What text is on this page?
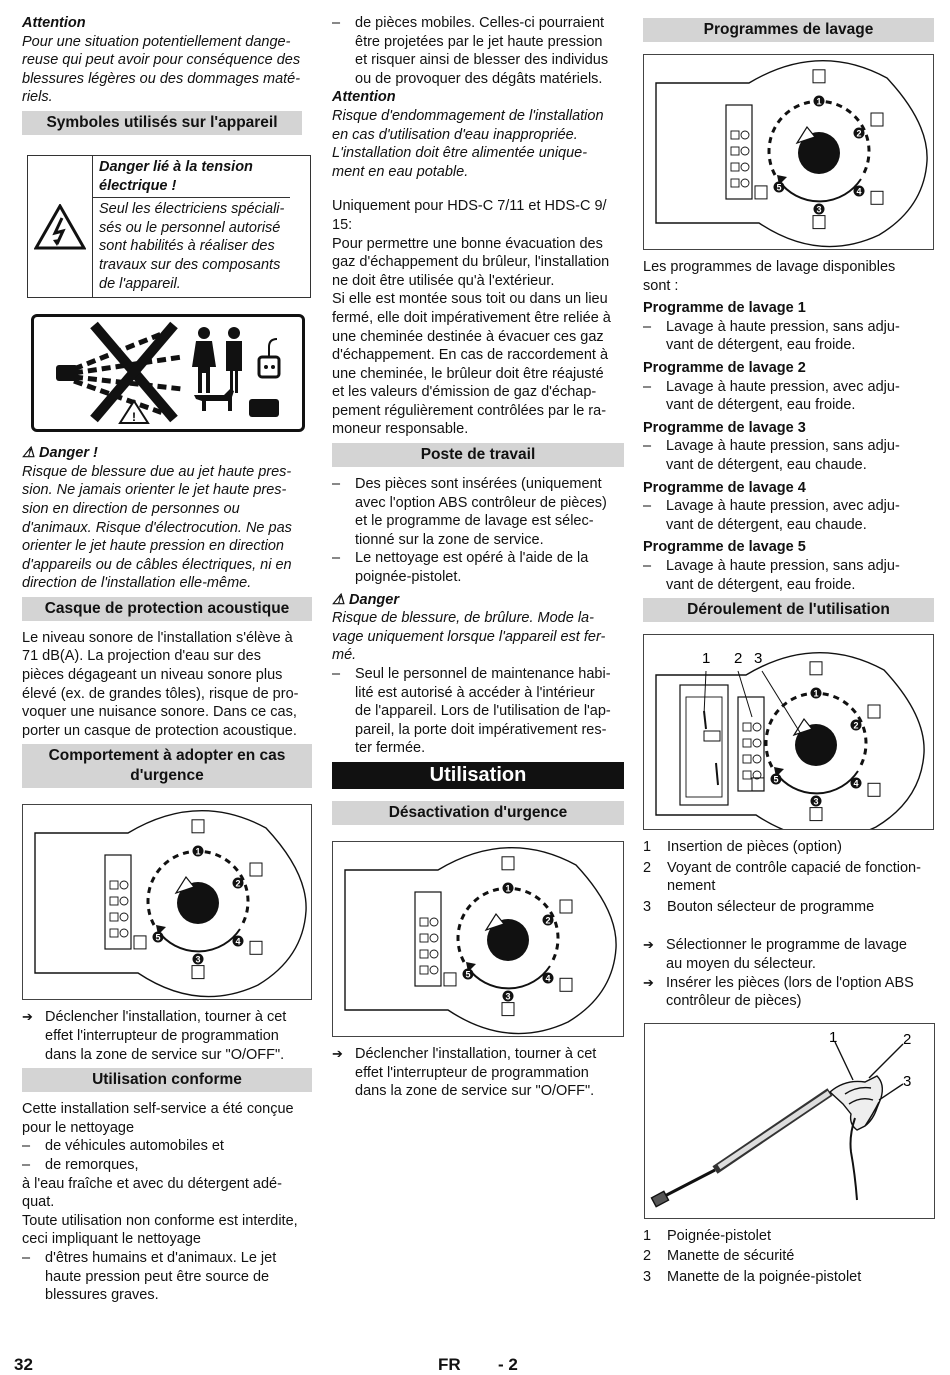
Attention

Pour une situation potentiellement dange-

reuse qui peut avoir pour conséquence des

blessures légères ou des dommages maté-

riels.

Symboles utilisés sur l'appareil

Danger lié à la tension

électrique !

Seul les électriciens spéciali-

sés ou le personnel autorisé

sont habilités à réaliser des

travaux sur des composants

de l'appareil.

!

⚠ Danger !

Risque de blessure due au jet haute pres-

sion. Ne jamais orienter le jet haute pres-

sion en direction de personnes ou

d'animaux. Risque d'électrocution. Ne pas

orienter le jet haute pression en direction

d'appareils ou de câbles électriques, ni en

direction de l'installation elle-même.

Casque de protection acoustique

Le niveau sonore de l'installation s'élève à

71 dB(A). La projection d'eau sur des

pièces dégageant un niveau sonore plus

élevé (ex. de grandes tôles), risque de pro-

voquer une nuisance sonore. Dans ce cas,

porter un casque de protection acoustique.

Comportement à adopter en cas

d'urgence

1
2
3
4
5
➔ Déclencher l'installation, tourner à cet

effet l'interrupteur de programmation

dans la zone de service sur "O/OFF".

Utilisation conforme

Cette installation self-service a été conçue

pour le nettoyage

–	de véhicules automobiles et

–	de remorques,

à l'eau fraîche et avec du détergent adé-

quat.

Toute utilisation non conforme est interdite,

ceci impliquant le nettoyage

–	d'êtres humains et d'animaux. Le jet

haute pression peut être source de

blessures graves.

–	de pièces mobiles. Celles-ci pourraient

être projetées par le jet haute pression

et risquer ainsi de blesser des individus

ou de provoquer des dégâts matériels.

Attention

Risque d'endommagement de l'installation

en cas d'utilisation d'eau inappropriée.

L'installation doit être alimentée unique-

ment en eau potable.

Uniquement pour HDS-C 7/11 et HDS-C 9/

15:

Pour permettre une bonne évacuation des

gaz d'échappement du brûleur, l'installation

ne doit être utilisée qu'à l'extérieur.

Si elle est montée sous toit ou dans un lieu

fermé, elle doit impérativement être reliée à

une cheminée destinée à évacuer ces gaz

d'échappement. En cas de raccordement à

une cheminée, le brûleur doit être réajusté

et les valeurs d'émission de gaz d'échap-

pement régulièrement contrôlées par le ra-

moneur responsable.

Poste de travail
–	Des pièces sont insérées (uniquement

avec l'option ABS contrôleur de pièces)

et le programme de lavage est sélec-

tionné sur la zone de service.

–	Le nettoyage est opéré à l'aide de la

poignée-pistolet.

⚠ Danger

Risque de blessure, de brûlure. Mode la-

vage uniquement lorsque l'appareil est fer-

mé.

–	Seul le personnel de maintenance habi-

lité est autorisé à accéder à l'intérieur

de l'appareil. Lors de l'utilisation de l'ap-

pareil, la porte doit impérativement res-

ter fermée.

Utilisation
Désactivation d'urgence
1
2
3
4
5
➔ Déclencher l'installation, tourner à cet

effet l'interrupteur de programmation

dans la zone de service sur "O/OFF".

Programmes de lavage
1
2
3
4
5

Les programmes de lavage disponibles

sont :

Programme de lavage 1

–	Lavage à haute pression, sans adju-

vant de détergent, eau froide.

Programme de lavage 2

–	Lavage à haute pression, avec adju-

vant de détergent, eau froide.

Programme de lavage 3

–	Lavage à haute pression, sans adju-

vant de détergent, eau chaude.

Programme de lavage 4

–	Lavage à haute pression, avec adju-

vant de détergent, eau chaude.

Programme de lavage 5

–	Lavage à haute pression, sans adju-

vant de détergent, eau froide.

Déroulement de l'utilisation
1
2
3
4
5
1 2 3
1	Insertion de pièces (option)

2	Voyant de contrôle capacié de fonction-

nement

3	Bouton sélecteur de programme

➔ Sélectionner le programme de lavage

au moyen du sélecteur.

➔ Insérer les pièces (lors de l'option ABS

contrôleur de pièces)

1	2
3
1	Poignée-pistolet
2	Manette de sécurité
3	Manette de la poignée-pistolet
32	FR - 2
